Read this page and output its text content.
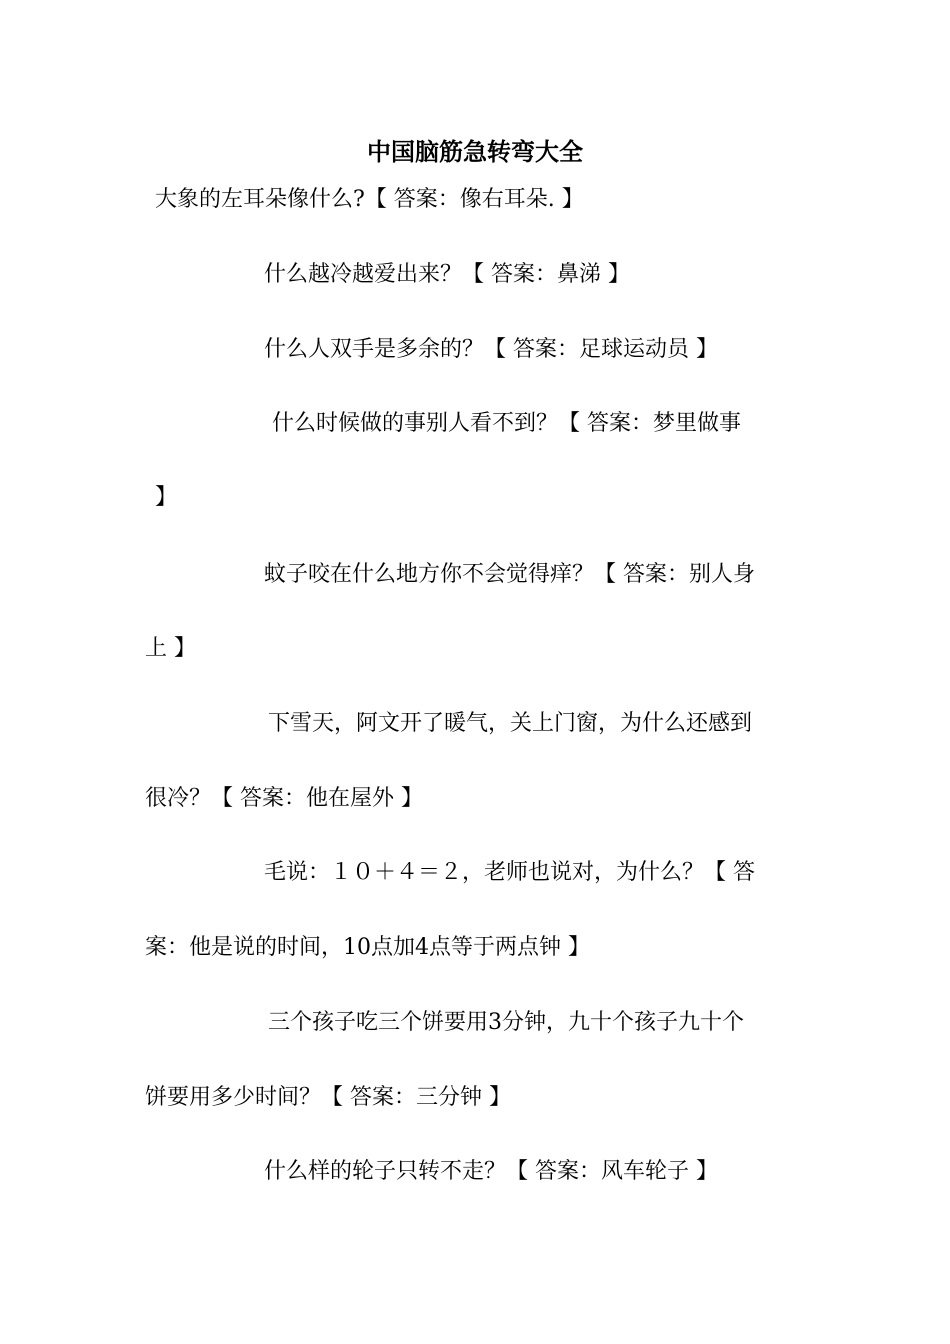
中国脑筋急转弯大全

大象的左耳朵像什么?【 答案：像右耳朵. 】

什么越冷越爱出来？【 答案：鼻涕 】

什么人双手是多余的？【 答案：足球运动员 】

什么时候做的事别人看不到？【 答案：梦里做事

】

蚊子咬在什么地方你不会觉得痒？【 答案：别人身

上 】

下雪天，阿文开了暖气，关上门窗，为什么还感到

很冷？【 答案：他在屋外 】

毛说：１０＋４＝２，老师也说对，为什么？【 答

案：他是说的时间，10点加4点等于两点钟 】

三个孩子吃三个饼要用3分钟，九十个孩子九十个

饼要用多少时间？【 答案：三分钟 】

什么样的轮子只转不走？【 答案：风车轮子 】
